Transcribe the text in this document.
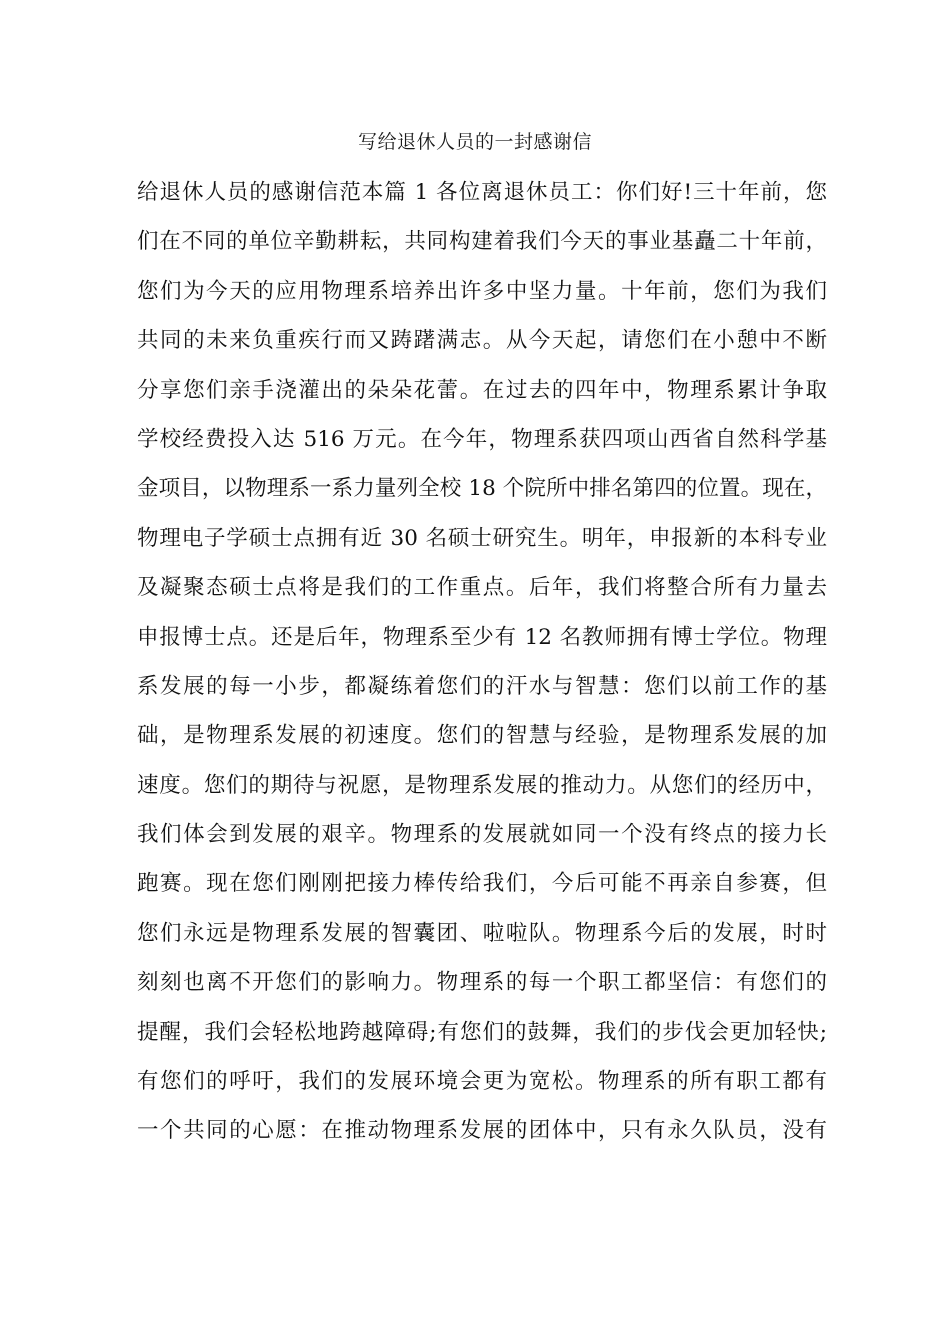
写给退休人员的一封感谢信
给退休人员的感谢信范本篇 1 各位离退休员工：你们好!三十年前，您
们在不同的单位辛勤耕耘，共同构建着我们今天的事业基矗二十年前，
您们为今天的应用物理系培养出许多中坚力量。十年前，您们为我们
共同的未来负重疾行而又踌躇满志。从今天起，请您们在小憩中不断
分享您们亲手浇灌出的朵朵花蕾。在过去的四年中，物理系累计争取
学校经费投入达 516 万元。在今年，物理系获四项山西省自然科学基
金项目，以物理系一系力量列全校 18 个院所中排名第四的位置。现在，
物理电子学硕士点拥有近 30 名硕士研究生。明年，申报新的本科专业
及凝聚态硕士点将是我们的工作重点。后年，我们将整合所有力量去
申报博士点。还是后年，物理系至少有 12 名教师拥有博士学位。物理
系发展的每一小步，都凝练着您们的汗水与智慧：您们以前工作的基
础，是物理系发展的初速度。您们的智慧与经验，是物理系发展的加
速度。您们的期待与祝愿，是物理系发展的推动力。从您们的经历中，
我们体会到发展的艰辛。物理系的发展就如同一个没有终点的接力长
跑赛。现在您们刚刚把接力棒传给我们，今后可能不再亲自参赛，但
您们永远是物理系发展的智囊团、啦啦队。物理系今后的发展，时时
刻刻也离不开您们的影响力。物理系的每一个职工都坚信：有您们的
提醒，我们会轻松地跨越障碍;有您们的鼓舞，我们的步伐会更加轻快;
有您们的呼吁，我们的发展环境会更为宽松。物理系的所有职工都有
一个共同的心愿：在推动物理系发展的团体中，只有永久队员，没有
